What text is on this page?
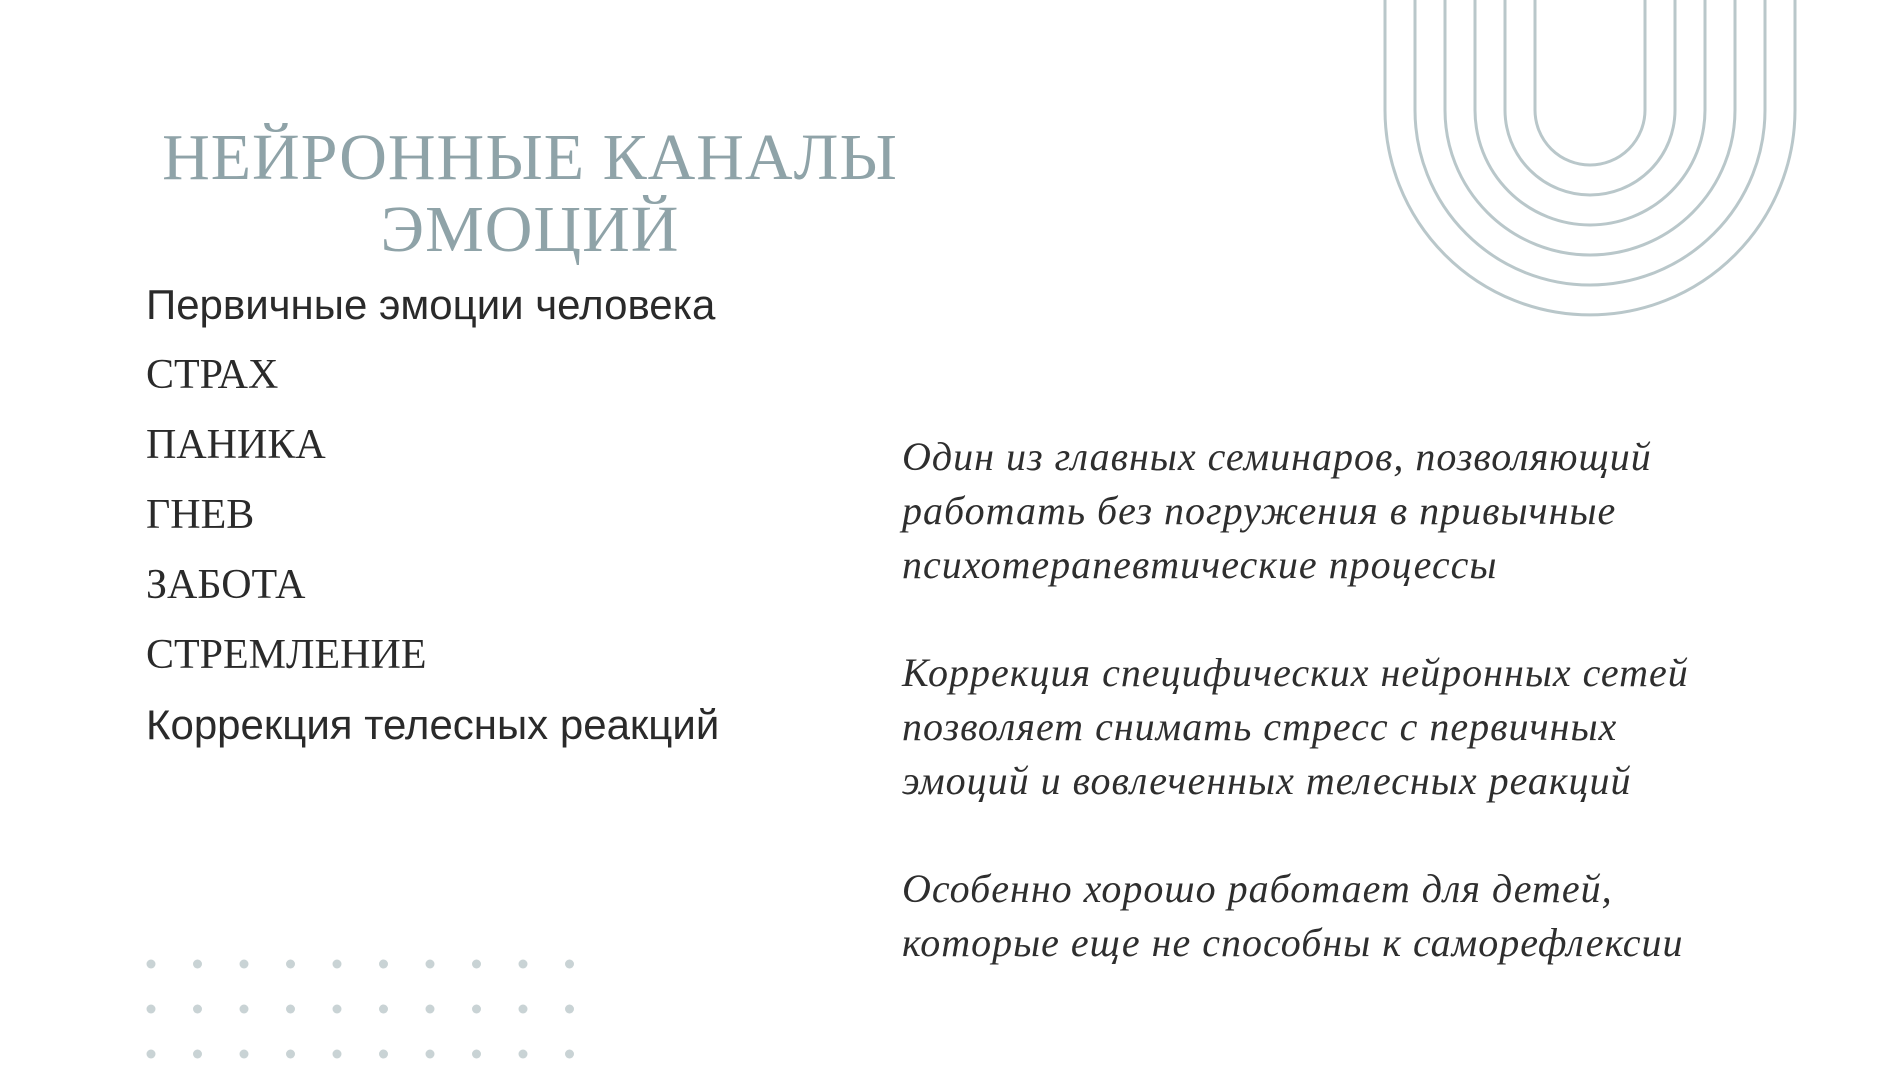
НЕЙРОННЫЕ КАНАЛЫ
ЭМОЦИЙ
Первичные эмоции человека
СТРАХ
ПАНИКА
ГНЕВ
ЗАБОТА
СТРЕМЛЕНИЕ
Коррекция телесных реакций

Один из главных семинаров, позволяющий
работать без погружения в привычные
психотерапевтические процессы

Коррекция специфических нейронных сетей
позволяет снимать стресс с первичных
эмоций и вовлеченных телесных реакций

Особенно хорошо работает для детей,
которые еще не способны к саморефлексии
